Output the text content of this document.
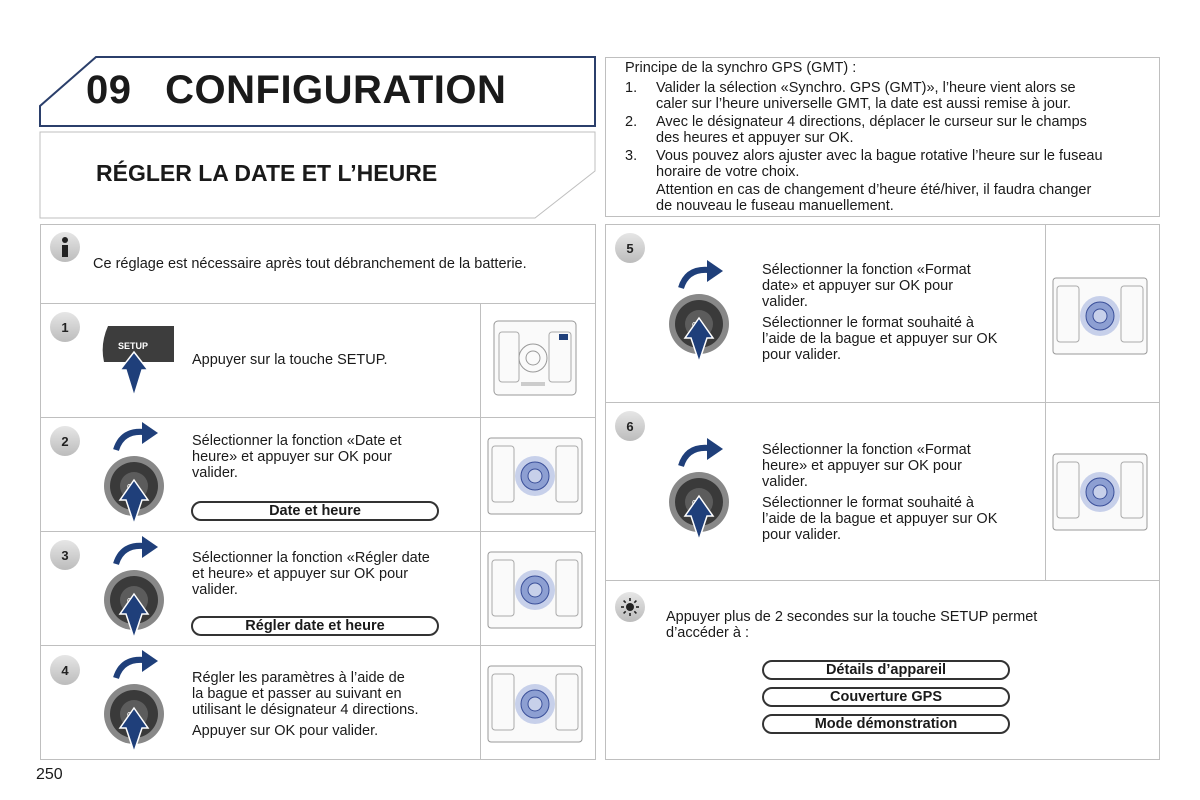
09 CONFIGURATION
RÉGLER LA DATE ET L’HEURE
Ce réglage est nécessaire après tout débranchement de la batterie.
1
SETUP
Appuyer sur la touche SETUP.
2	Sélectionner la fonction «Date et
heure» et appuyer sur OK pour
valider.
Date et heure
3	Sélectionner la fonction «Régler date
et heure» et appuyer sur OK pour
valider.
Régler date et heure
4	Régler les paramètres à l’aide de
la bague et passer au suivant en
utilisant le désignateur 4 directions.
Appuyer sur OK pour valider.
Principe de la synchro GPS (GMT) :
1.	Valider la sélection «Synchro. GPS (GMT)», l’heure vient alors se
caler sur l’heure universelle GMT, la date est aussi remise à jour.
2.	Avec le désignateur 4 directions, déplacer le curseur sur le champs
des heures et appuyer sur OK.
3.	Vous pouvez alors ajuster avec la bague rotative l’heure sur le fuseau
horaire de votre choix.
Attention en cas de changement d’heure été/hiver, il faudra changer
de nouveau le fuseau manuellement.
5
Sélectionner la fonction «Format
date» et appuyer sur OK pour
valider.
Sélectionner le format souhaité à
l’aide de la bague et appuyer sur OK
pour valider.
6
Sélectionner la fonction «Format
heure» et appuyer sur OK pour
valider.
Sélectionner le format souhaité à
l’aide de la bague et appuyer sur OK
pour valider.
Appuyer plus de 2 secondes sur la touche SETUP permet
d’accéder à :
Détails d’appareil
Couverture GPS
Mode démonstration
250
